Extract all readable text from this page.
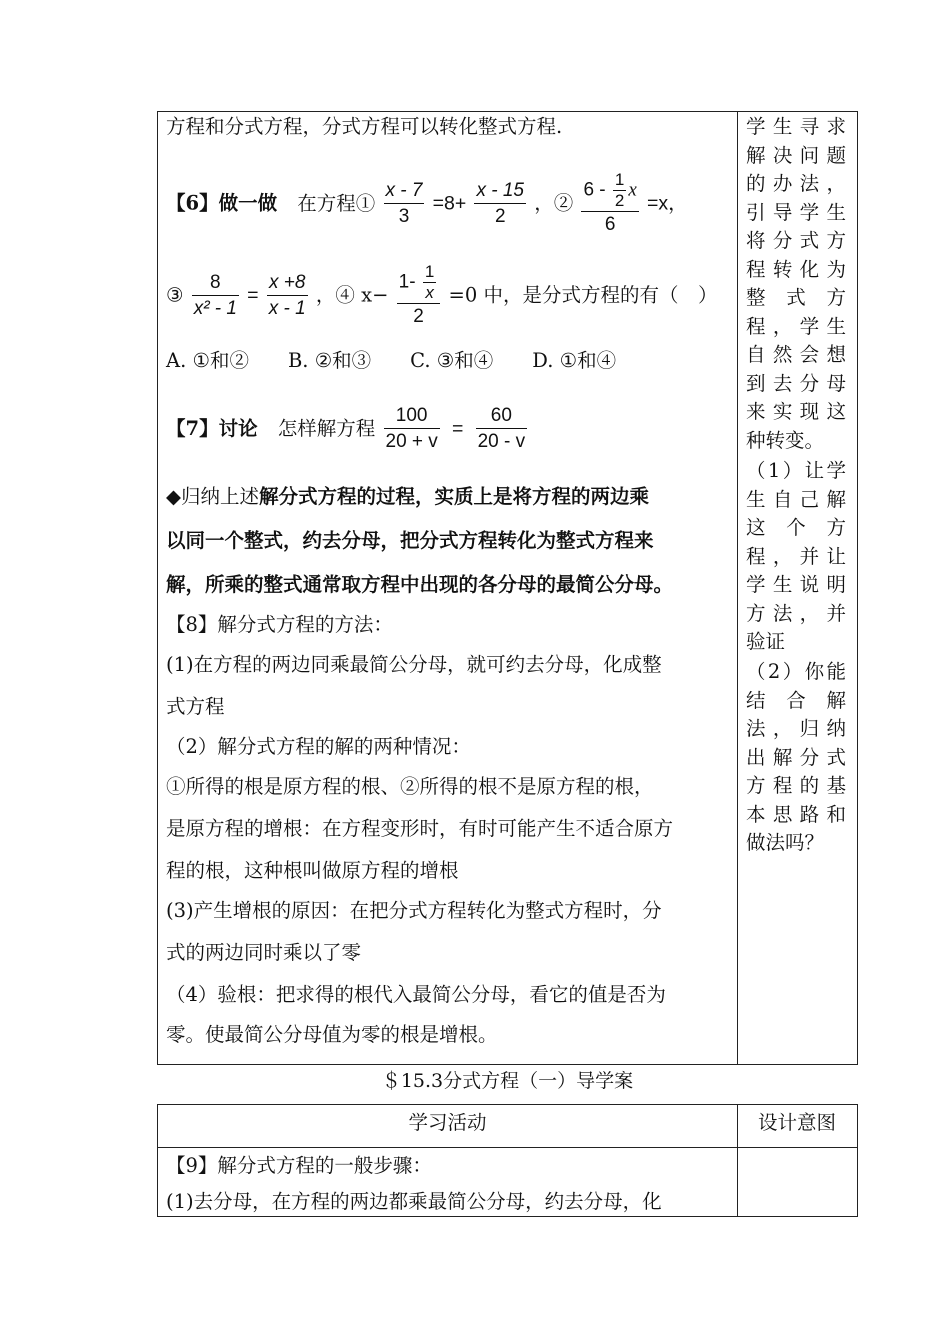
方程和分式方程，分式方程可以转化整式方程.
【6】做一做 在方程① $\frac{x - 7}{3} =8+ \frac{x - 15}{2}$ ，② $\frac{6 - \frac{1}{2} x}{6} =x$，
③ $\frac{8}{\text{x² - 1}} = \frac{x +8}{x - 1}$ ，④ $x- \frac{1- \frac{1}{x}}{2} =0$ 中，是分式方程的有（　）
A. ①和②　　B. ②和③　　C. ③和④　　D. ①和④
【7】讨论 怎样解方程 $\frac{100}{20 + v} = \frac{60}{20 - v}$
◆归纳上述解分式方程的过程，实质上是将方程的两边乘
以同一个整式，约去分母，把分式方程转化为整式方程来
解，所乘的整式通常取方程中出现的各分母的最简公分母。
【8】解分式方程的方法：
(1)在方程的两边同乘最简公分母，就可约去分母，化成整
式方程
（2）解分式方程的解的两种情况：
①所得的根是原方程的根、②所得的根不是原方程的根，
是原方程的增根：在方程变形时，有时可能产生不适合原方
程的根，这种根叫做原方程的增根
(3)产生增根的原因：在把分式方程转化为整式方程时，分
式的两边同时乘以了零
（4）验根：把求得的根代入最简公分母，看它的值是否为
零。使最简公分母值为零的根是增根。
学生寻求
解决问题
的办法，
引导学生
将分式方
程转化为
整 式 方
程，学生
自然会想
到去分母
来实现这
种转变。
（1）让学
生自己解
这 个 方
程，并让
学生说明
方法，并
验证
（2）你能
结 合 解
法，归纳
出解分式
方程的基
本思路和
做法吗？
＄15.3分式方程（一）导学案
学习活动	设计意图
【9】解分式方程的一般步骤：
(1)去分母，在方程的两边都乘最简公分母，约去分母，化
